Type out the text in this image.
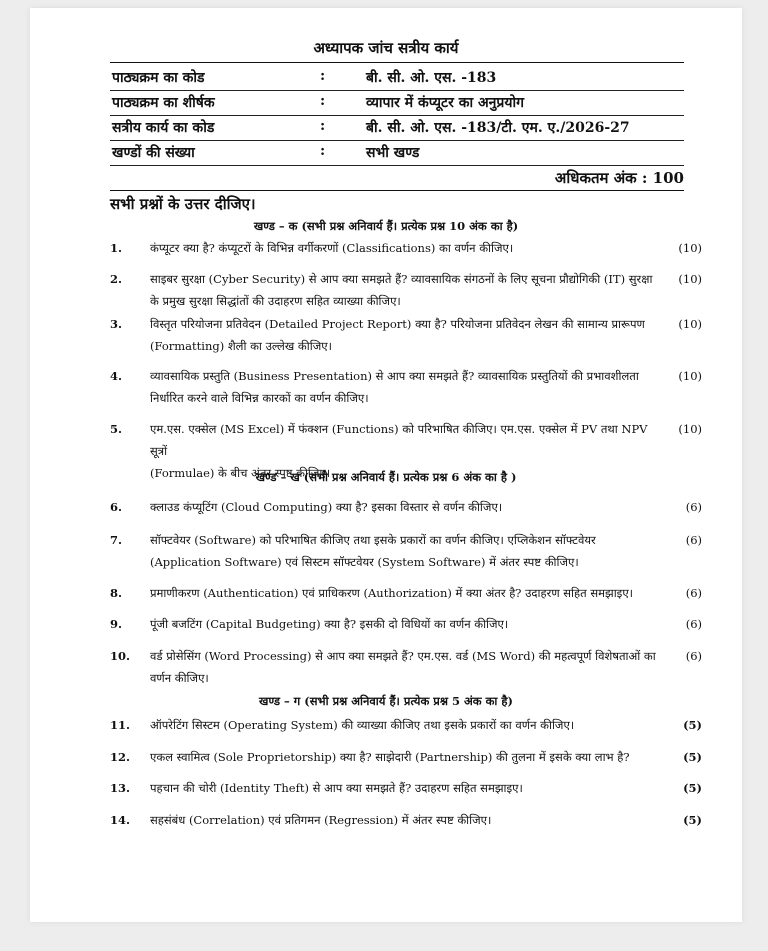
अध्यापक जांच सत्रीय कार्य
पाठ्यक्रम का कोड	:	बी. सी. ओ. एस. -183
पाठ्यक्रम का शीर्षक	:	व्यापार में कंप्यूटर का अनुप्रयोग
सत्रीय कार्य का कोड	:	बी. सी. ओ. एस. -183/टी. एम. ए./2026-27
खण्डों की संख्या	:	सभी खण्ड
अधिकतम अंक : 100
सभी प्रश्नों के उत्तर दीजिए।
खण्ड – क (सभी प्रश्न अनिवार्य हैं। प्रत्येक प्रश्न 10 अंक का है)
1.	कंप्यूटर क्या है? कंप्यूटरों के विभिन्न वर्गीकरणों (Classifications) का वर्णन कीजिए।	(10)
2.	साइबर सुरक्षा (Cyber Security) से आप क्या समझते हैं? व्यावसायिक संगठनों के लिए सूचना प्रौद्योगिकी (IT) सुरक्षा
के प्रमुख सुरक्षा सिद्धांतों की उदाहरण सहित व्याख्या कीजिए।
(10)
3.	विस्तृत परियोजना प्रतिवेदन (Detailed Project Report) क्या है? परियोजना प्रतिवेदन लेखन की सामान्य प्रारूपण
(Formatting) शैली का उल्लेख कीजिए।
(10)
4.	व्यावसायिक प्रस्तुति (Business Presentation) से आप क्या समझते हैं? व्यावसायिक प्रस्तुतियों की प्रभावशीलता
निर्धारित करने वाले विभिन्न कारकों का वर्णन कीजिए।
(10)
5.	एम.एस. एक्सेल (MS Excel) में फंक्शन (Functions) को परिभाषित कीजिए। एम.एस. एक्सेल में PV तथा NPV सूत्रों
(Formulae) के बीच अंतर स्पष्ट कीजिए।
(10)
खण्ड – ख (सभी प्रश्न अनिवार्य हैं। प्रत्येक प्रश्न 6 अंक का है )
6.	क्लाउड कंप्यूटिंग (Cloud Computing) क्या है? इसका विस्तार से वर्णन कीजिए।	(6)
7.	सॉफ्टवेयर (Software) को परिभाषित कीजिए तथा इसके प्रकारों का वर्णन कीजिए। एप्लिकेशन सॉफ्टवेयर
(Application Software) एवं सिस्टम सॉफ्टवेयर (System Software) में अंतर स्पष्ट कीजिए।
(6)
8.	प्रमाणीकरण (Authentication) एवं प्राधिकरण (Authorization) में क्या अंतर है? उदाहरण सहित समझाइए।	(6)
9.	पूंजी बजटिंग (Capital Budgeting) क्या है? इसकी दो विधियों का वर्णन कीजिए।	(6)
10.	वर्ड प्रोसेसिंग (Word Processing) से आप क्या समझते हैं? एम.एस. वर्ड (MS Word) की महत्वपूर्ण विशेषताओं का
वर्णन कीजिए।
(6)
खण्ड – ग (सभी प्रश्न अनिवार्य हैं। प्रत्येक प्रश्न 5 अंक का है)
11.	ऑपरेटिंग सिस्टम (Operating System) की व्याख्या कीजिए तथा इसके प्रकारों का वर्णन कीजिए।	(5)
12.	एकल स्वामित्व (Sole Proprietorship) क्या है? साझेदारी (Partnership) की तुलना में इसके क्या लाभ है?	(5)
13.	पहचान की चोरी (Identity Theft) से आप क्या समझते हैं? उदाहरण सहित समझाइए।	(5)
14.	सहसंबंध (Correlation) एवं प्रतिगमन (Regression) में अंतर स्पष्ट कीजिए।	(5)
